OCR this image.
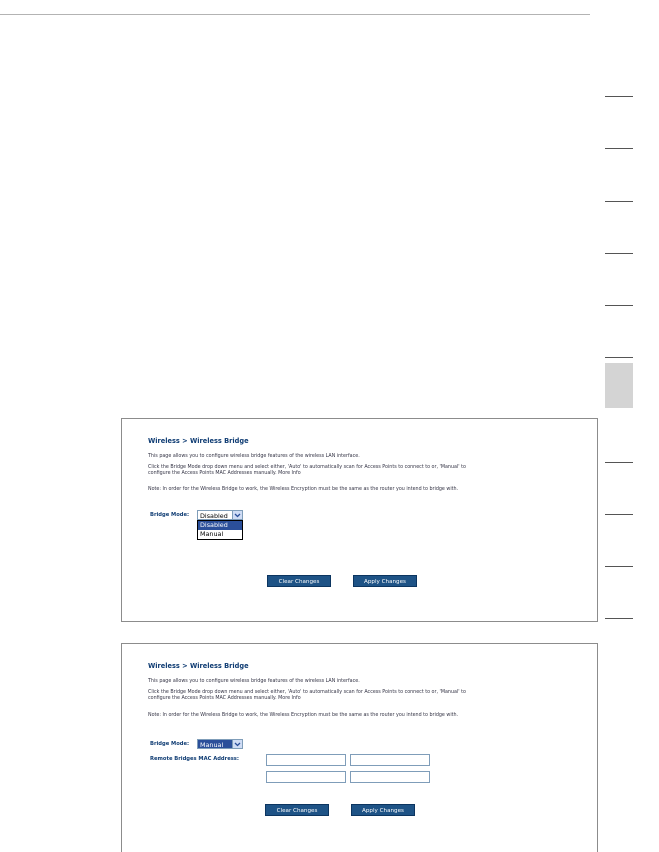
Wireless > Wireless Bridge
This page allows you to configure wireless bridge features of the wireless LAN interface.
Click the Bridge Mode drop down menu and select either, 'Auto' to automatically scan for Access Points to connect to or, 'Manual' to
configure the Access Points MAC Addresses manually. More Info
Note: In order for the Wireless Bridge to work, the Wireless Encryption must be the same as the router you intend to bridge with.
Bridge Mode:	Disabled
Disabled
Manual
Clear Changes	Apply Changes
Wireless > Wireless Bridge
This page allows you to configure wireless bridge features of the wireless LAN interface.
Click the Bridge Mode drop down menu and select either, 'Auto' to automatically scan for Access Points to connect to or, 'Manual' to
configure the Access Points MAC Addresses manually. More Info
Note: In order for the Wireless Bridge to work, the Wireless Encryption must be the same as the router you intend to bridge with.
Bridge Mode:	Manual
Remote Bridges MAC Address:
Clear Changes	Apply Changes
